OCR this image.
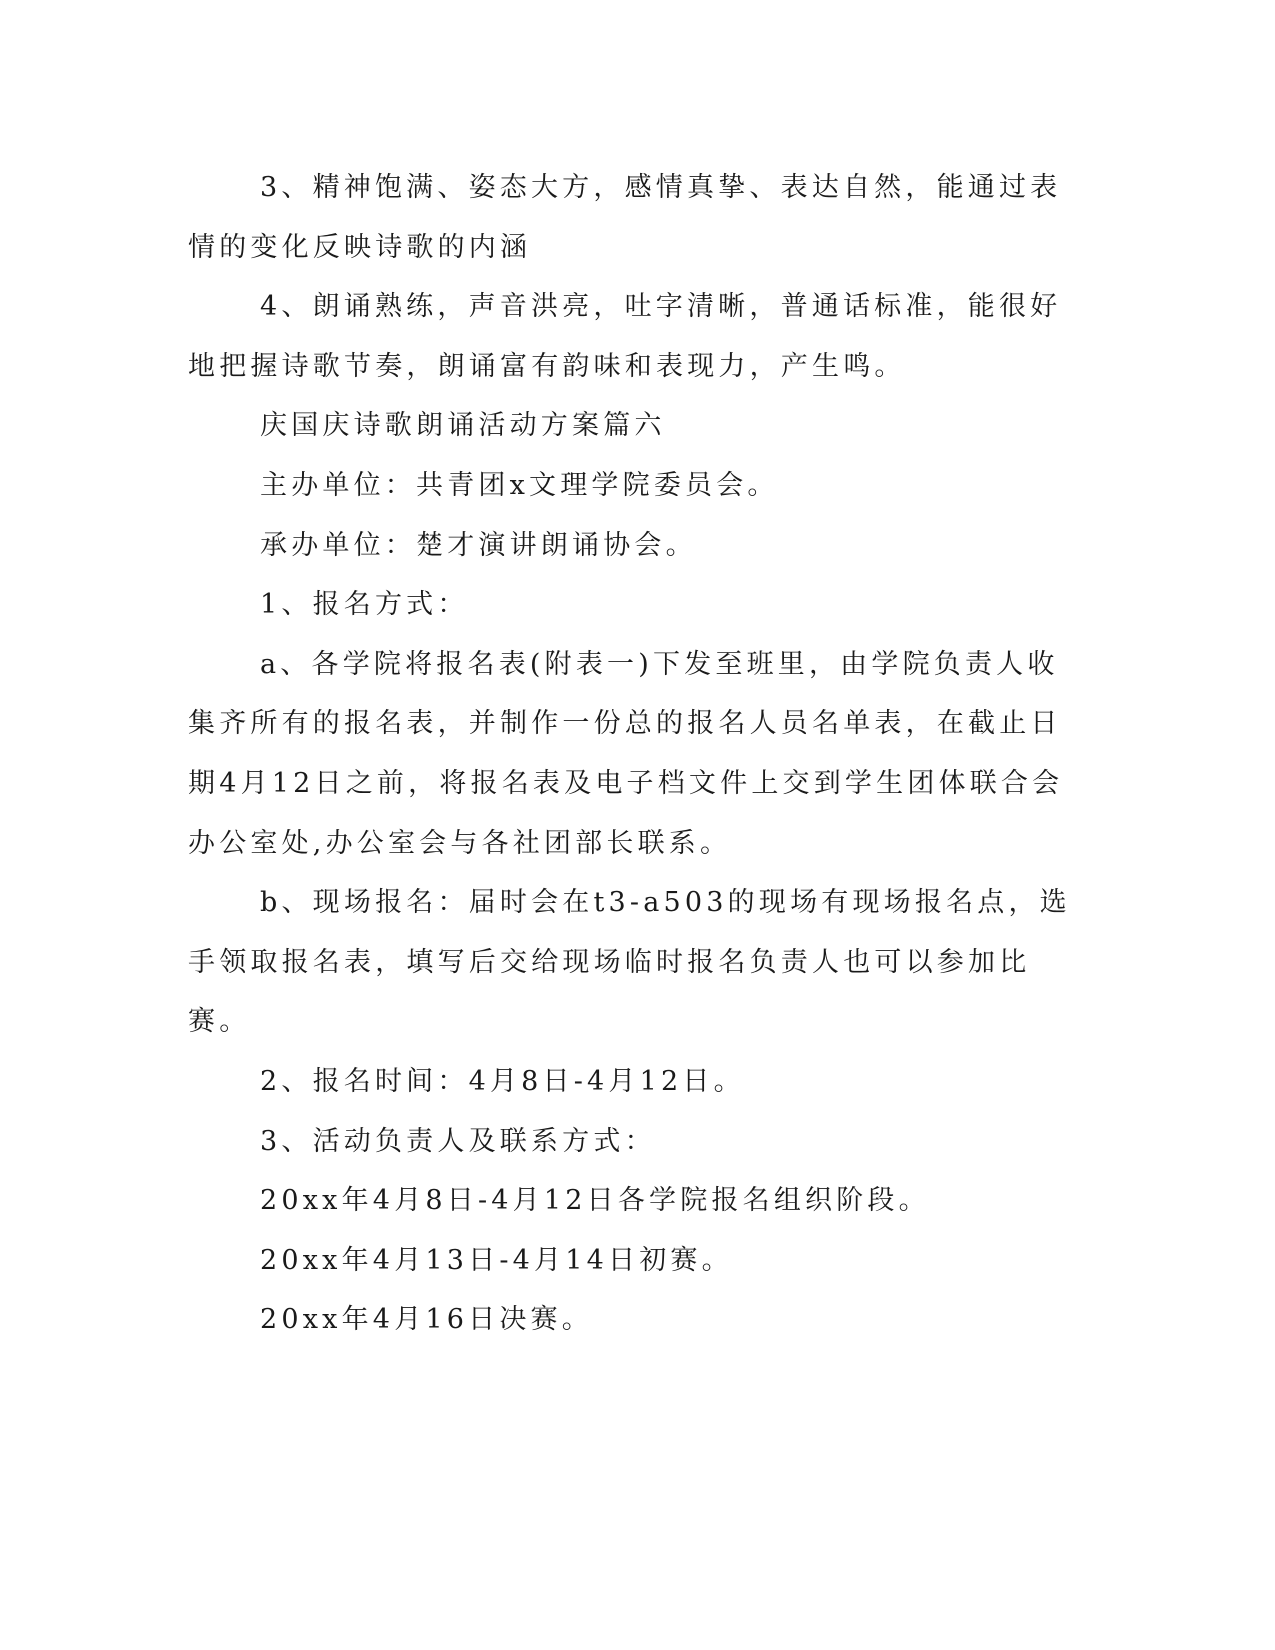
3、精神饱满、姿态大方，感情真挚、表达自然，能通过表情的变化反映诗歌的内涵

4、朗诵熟练，声音洪亮，吐字清晰，普通话标准，能很好地把握诗歌节奏，朗诵富有韵味和表现力，产生鸣。

庆国庆诗歌朗诵活动方案篇六

主办单位：共青团x文理学院委员会。

承办单位：楚才演讲朗诵协会。

1、报名方式：

a、各学院将报名表(附表一)下发至班里，由学院负责人收集齐所有的报名表，并制作一份总的报名人员名单表，在截止日期4月12日之前，将报名表及电子档文件上交到学生团体联合会办公室处,办公室会与各社团部长联系。

b、现场报名：届时会在t3-a503的现场有现场报名点，选手领取报名表，填写后交给现场临时报名负责人也可以参加比赛。

2、报名时间：4月8日-4月12日。

3、活动负责人及联系方式：

20xx年4月8日-4月12日各学院报名组织阶段。

20xx年4月13日-4月14日初赛。

20xx年4月16日决赛。
